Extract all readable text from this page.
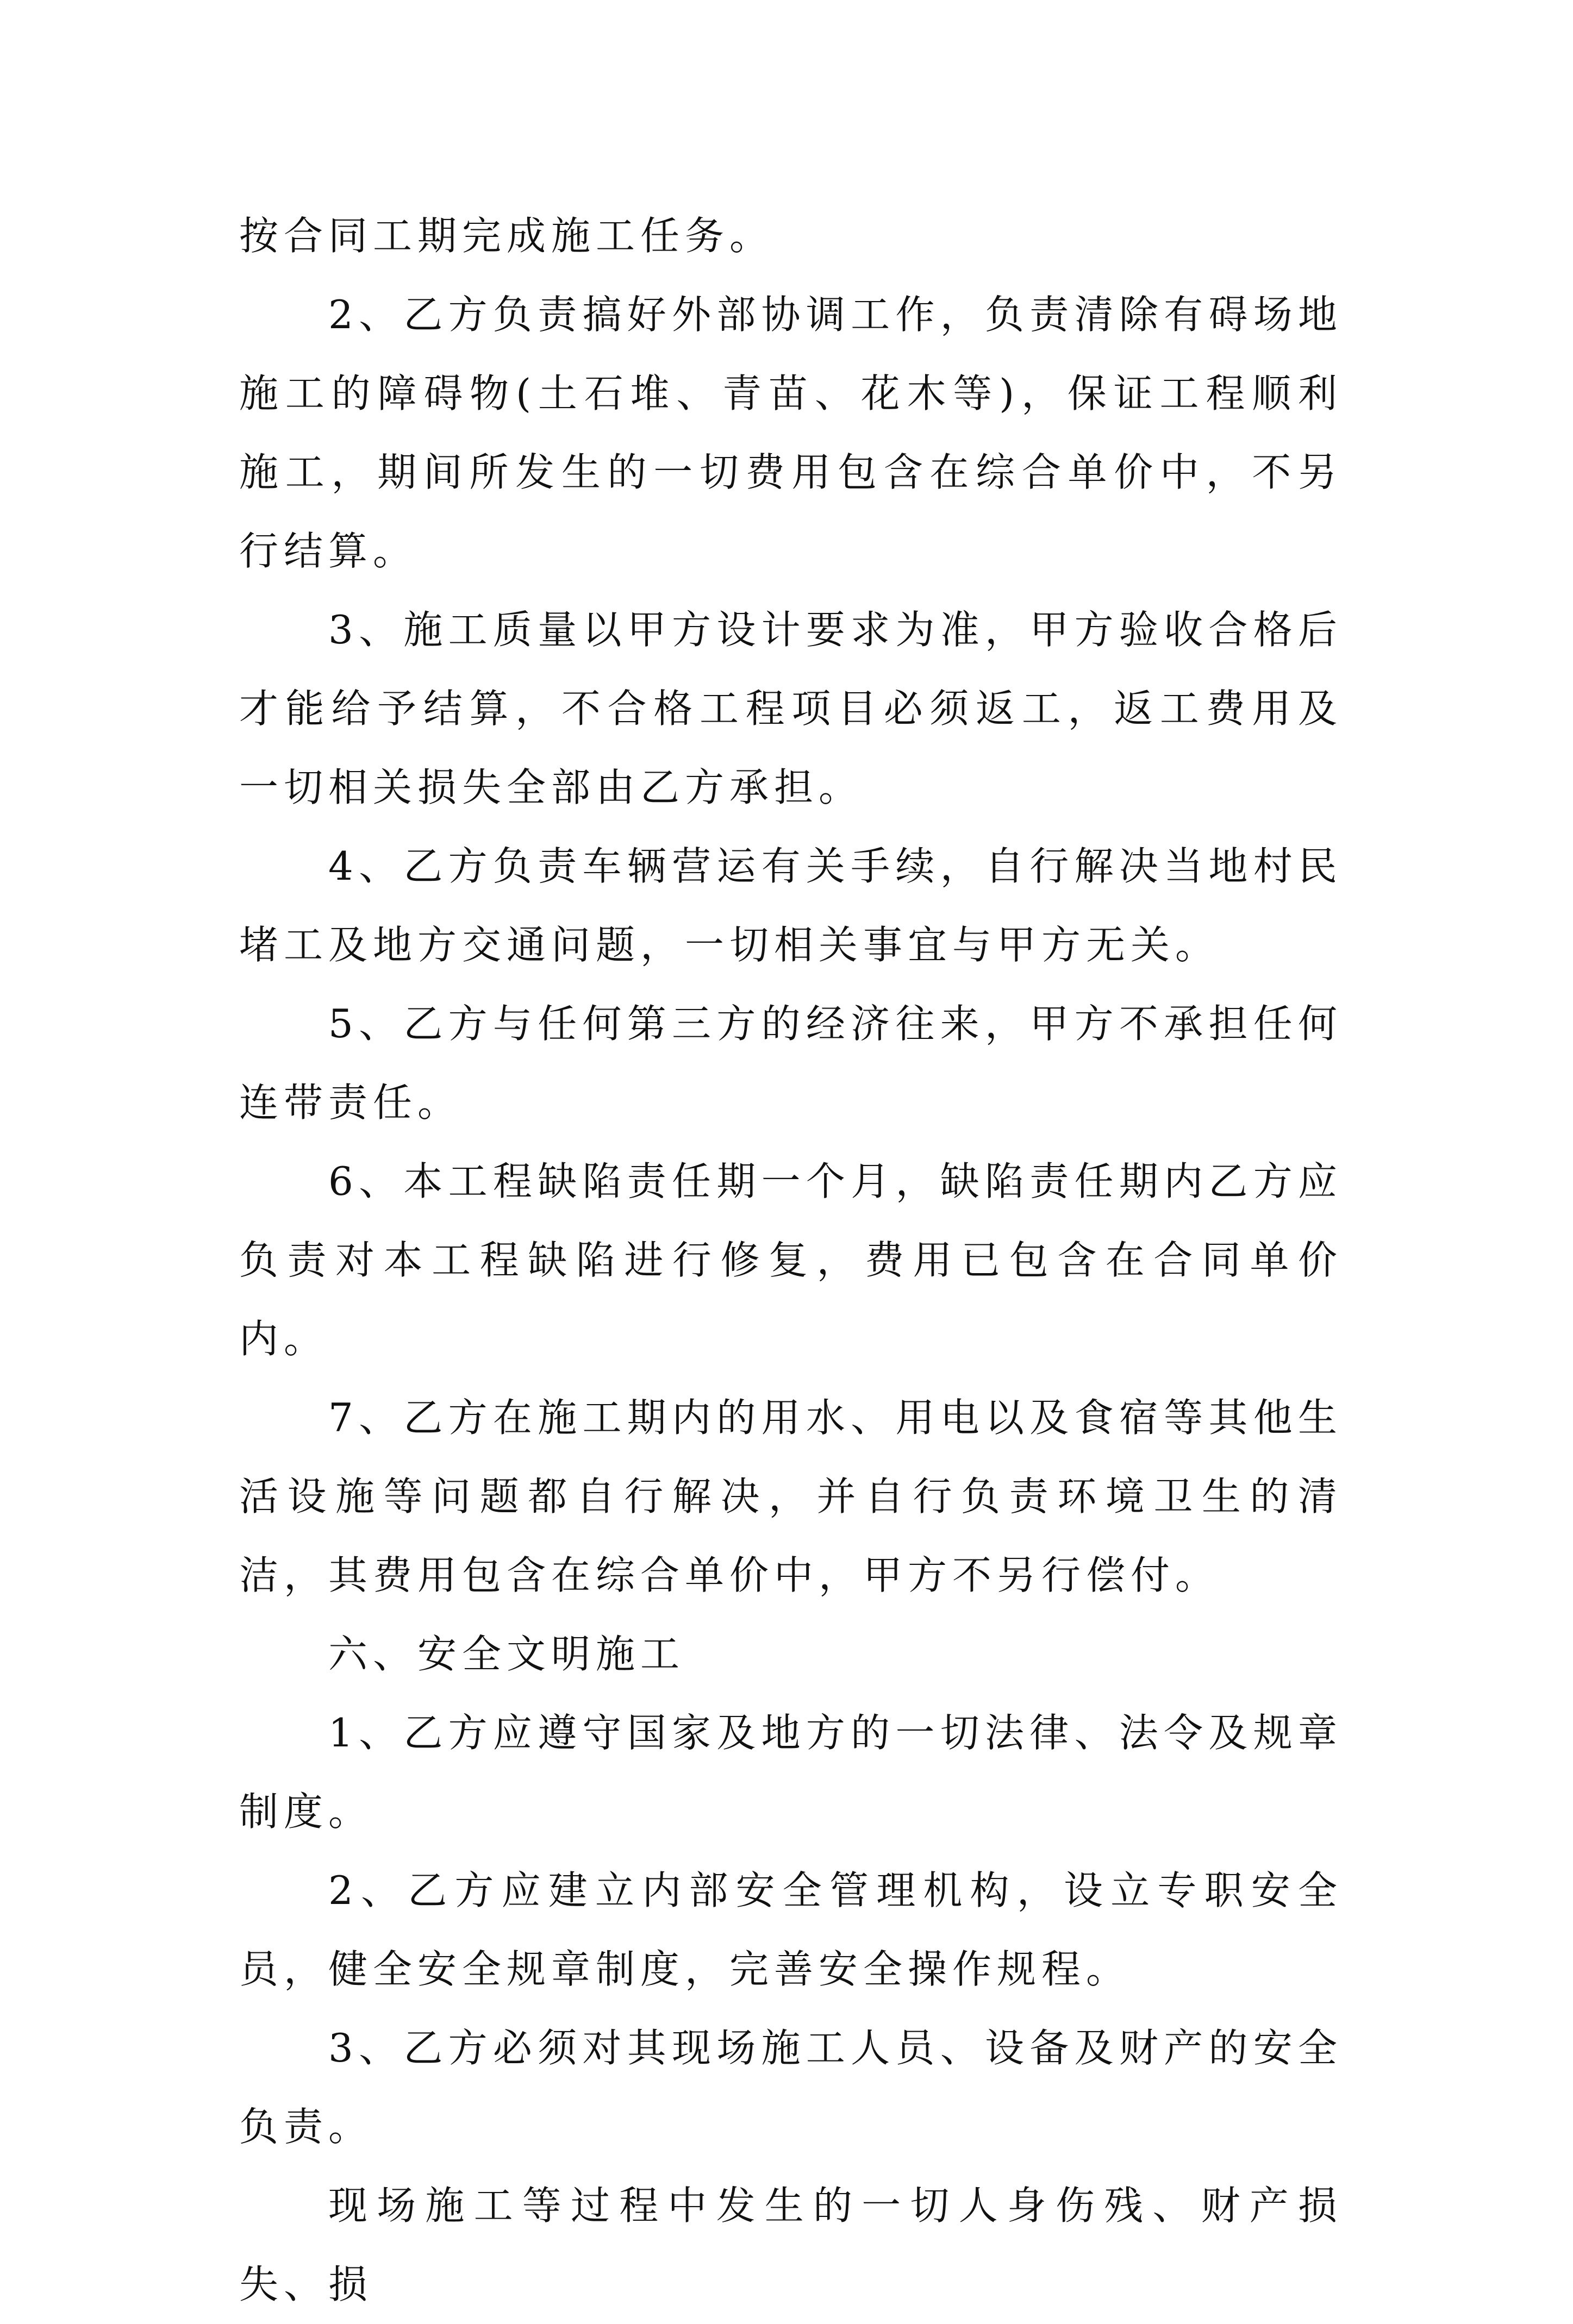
按合同工期完成施工任务。

2、乙方负责搞好外部协调工作，负责清除有碍场地施工的障碍物(土石堆、青苗、花木等)，保证工程顺利施工，期间所发生的一切费用包含在综合单价中，不另行结算。

3、施工质量以甲方设计要求为准，甲方验收合格后才能给予结算，不合格工程项目必须返工，返工费用及一切相关损失全部由乙方承担。

4、乙方负责车辆营运有关手续，自行解决当地村民堵工及地方交通问题，一切相关事宜与甲方无关。

5、乙方与任何第三方的经济往来，甲方不承担任何连带责任。

6、本工程缺陷责任期一个月，缺陷责任期内乙方应负责对本工程缺陷进行修复，费用已包含在合同单价内。

7、乙方在施工期内的用水、用电以及食宿等其他生活设施等问题都自行解决，并自行负责环境卫生的清洁，其费用包含在综合单价中，甲方不另行偿付。

六、安全文明施工

1、乙方应遵守国家及地方的一切法律、法令及规章制度。

2、乙方应建立内部安全管理机构，设立专职安全员，健全安全规章制度，完善安全操作规程。

3、乙方必须对其现场施工人员、设备及财产的安全负责。

现场施工等过程中发生的一切人身伤残、财产损失、损
